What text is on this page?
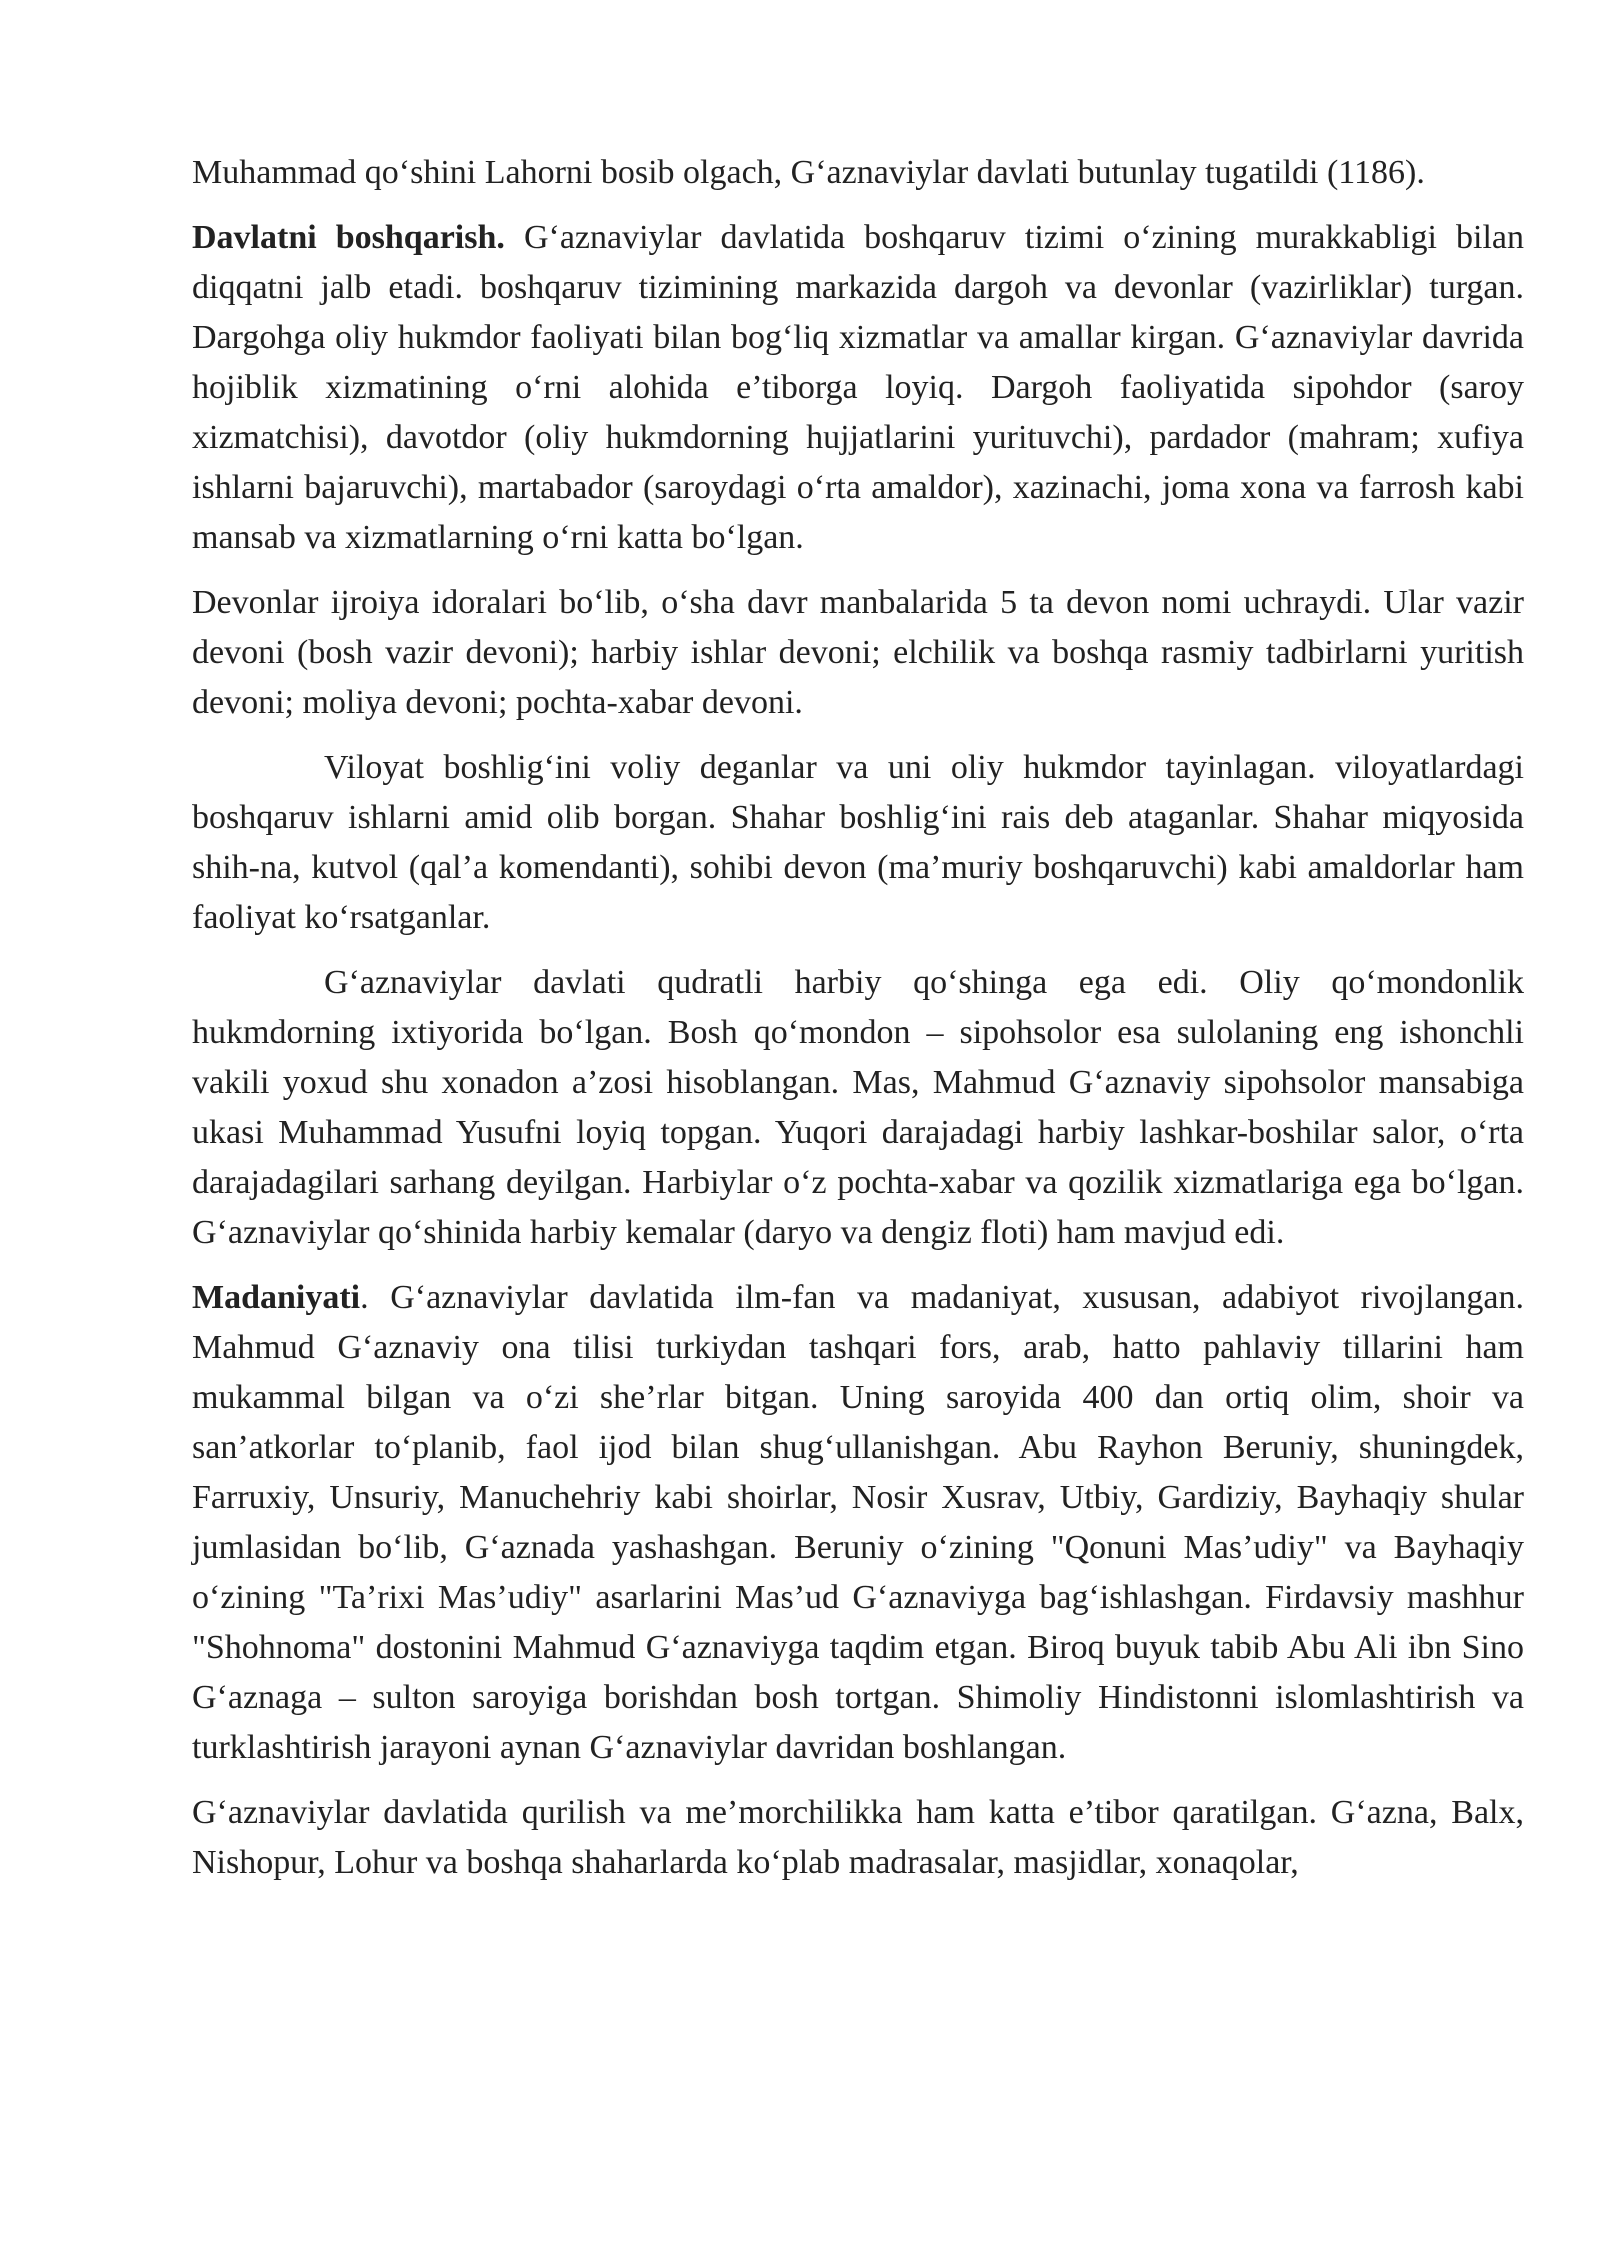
Muhammad qo‘shini Lahorni bosib olgach, G‘aznaviylar davlati butunlay tugatildi (1186).

Davlatni boshqarish. G‘aznaviylar davlatida boshqaruv tizimi o‘zining murakkabligi bilan diqqatni jalb etadi. boshqaruv tizimining markazida dargoh va devonlar (vazirliklar) turgan. Dargohga oliy hukmdor faoliyati bilan bog‘liq xizmatlar va amallar kirgan. G‘aznaviylar davrida hojiblik xizmatining o‘rni alohida e’tiborga loyiq. Dargoh faoliyatida sipohdor (saroy xizmatchisi), davotdor (oliy hukmdorning hujjatlarini yurituvchi), pardador (mahram; xufiya ishlarni bajaruvchi), martabador (saroydagi o‘rta amaldor), xazinachi, joma xona va farrosh kabi mansab va xizmatlarning o‘rni katta bo‘lgan.

Devonlar ijroiya idoralari bo‘lib, o‘sha davr manbalarida 5 ta devon nomi uchraydi. Ular vazir devoni (bosh vazir devoni); harbiy ishlar devoni; elchilik va boshqa rasmiy tadbirlarni yuritish devoni; moliya devoni; pochta-xabar devoni.

Viloyat boshlig‘ini voliy deganlar va uni oliy hukmdor tayinlagan. viloyatlardagi boshqaruv ishlarni amid olib borgan. Shahar boshlig‘ini rais deb ataganlar. Shahar miqyosida shih-na, kutvol (qal’a komendanti), sohibi devon (ma’muriy boshqaruvchi) kabi amaldorlar ham faoliyat ko‘rsatganlar.

G‘aznaviylar davlati qudratli harbiy qo‘shinga ega edi. Oliy qo‘mondonlik hukmdorning ixtiyorida bo‘lgan. Bosh qo‘mondon – sipohsolor esa sulolaning eng ishonchli vakili yoxud shu xonadon a’zosi hisoblangan. Mas, Mahmud G‘aznaviy sipohsolor mansabiga ukasi Muhammad Yusufni loyiq topgan. Yuqori darajadagi harbiy lashkar-boshilar salor, o‘rta darajadagilari sarhang deyilgan. Harbiylar o‘z pochta-xabar va qozilik xizmatlariga ega bo‘lgan. G‘aznaviylar qo‘shinida harbiy kemalar (daryo va dengiz floti) ham mavjud edi.

Madaniyati. G‘aznaviylar davlatida ilm-fan va madaniyat, xususan, adabiyot rivojlangan. Mahmud G‘aznaviy ona tilisi turkiydan tashqari fors, arab, hatto pahlaviy tillarini ham mukammal bilgan va o‘zi she’rlar bitgan. Uning saroyida 400 dan ortiq olim, shoir va san’atkorlar to‘planib, faol ijod bilan shug‘ullanishgan. Abu Rayhon Beruniy, shuningdek, Farruxiy, Unsuriy, Manuchehriy kabi shoirlar, Nosir Xusrav, Utbiy, Gardiziy, Bayhaqiy shular jumlasidan bo‘lib, G‘aznada yashashgan. Beruniy o‘zining "Qonuni Mas’udiy" va Bayhaqiy o‘zining "Ta’rixi Mas’udiy" asarlarini Mas’ud G‘aznaviyga bag‘ishlashgan. Firdavsiy mashhur "Shohnoma" dostonini Mahmud G‘aznaviyga taqdim etgan. Biroq buyuk tabib Abu Ali ibn Sino G‘aznaga – sulton saroyiga borishdan bosh tortgan. Shimoliy Hindistonni islomlashtirish va turklashtirish jarayoni aynan G‘aznaviylar davridan boshlangan.

G‘aznaviylar davlatida qurilish va me’morchilikka ham katta e’tibor qaratilgan. G‘azna, Balx, Nishopur, Lohur va boshqa shaharlarda ko‘plab madrasalar, masjidlar, xonaqolar,
